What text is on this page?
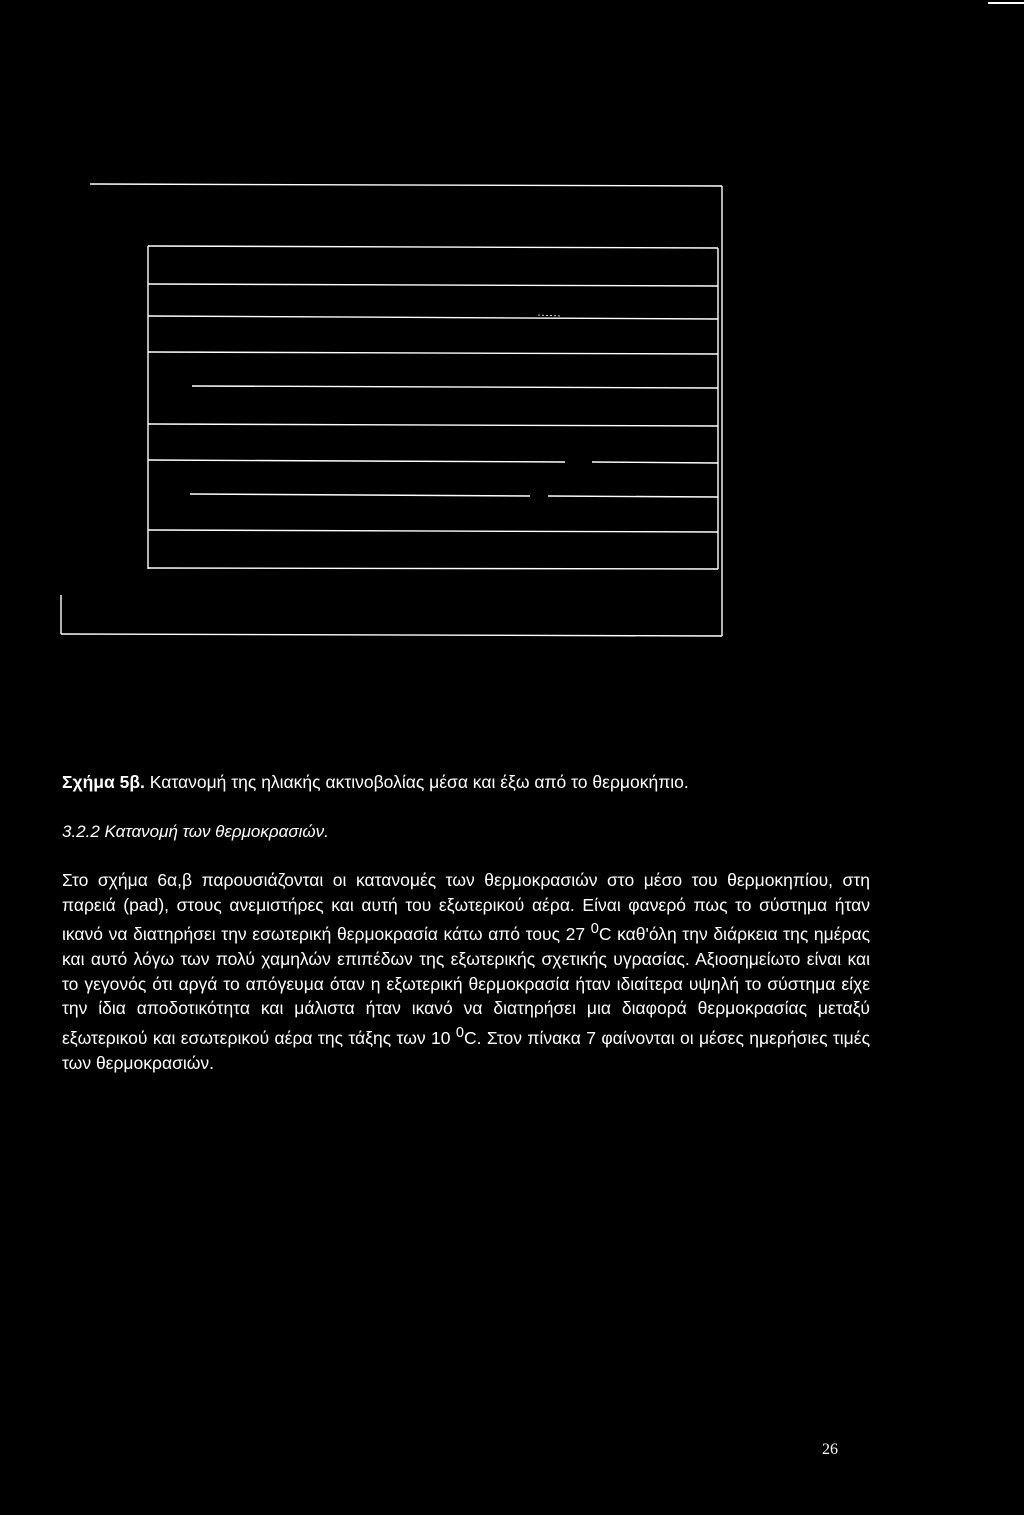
Σχήμα 5β. Κατανομή της ηλιακής ακτινοβολίας μέσα και έξω από το θερμοκήπιο.
3.2.2 Κατανομή των θερμοκρασιών.
Στο σχήμα 6α,β παρουσιάζονται οι κατανομές των θερμοκρασιών στο μέσο του θερμοκηπίου, στη παρειά (pad), στους ανεμιστήρες και αυτή του εξωτερικού αέρα. Είναι φανερό πως το σύστημα ήταν ικανό να διατηρήσει την εσωτερική θερμοκρασία κάτω από τους 27 $^0$C καθ'όλη την διάρκεια της ημέρας και αυτό λόγω των πολύ χαμηλών επιπέδων της εξωτερικής σχετικής υγρασίας. Αξιοσημείωτο είναι και το γεγονός ότι αργά το απόγευμα όταν η εξωτερική θερμοκρασία ήταν ιδιαίτερα υψηλή το σύστημα είχε την ίδια αποδοτικότητα και μάλιστα ήταν ικανό να διατηρήσει μια διαφορά θερμοκρασίας μεταξύ εξωτερικού και εσωτερικού αέρα της τάξης των 10 $^0$C. Στον πίνακα 7 φαίνονται οι μέσες ημερήσιες τιμές των θερμοκρασιών.
26
